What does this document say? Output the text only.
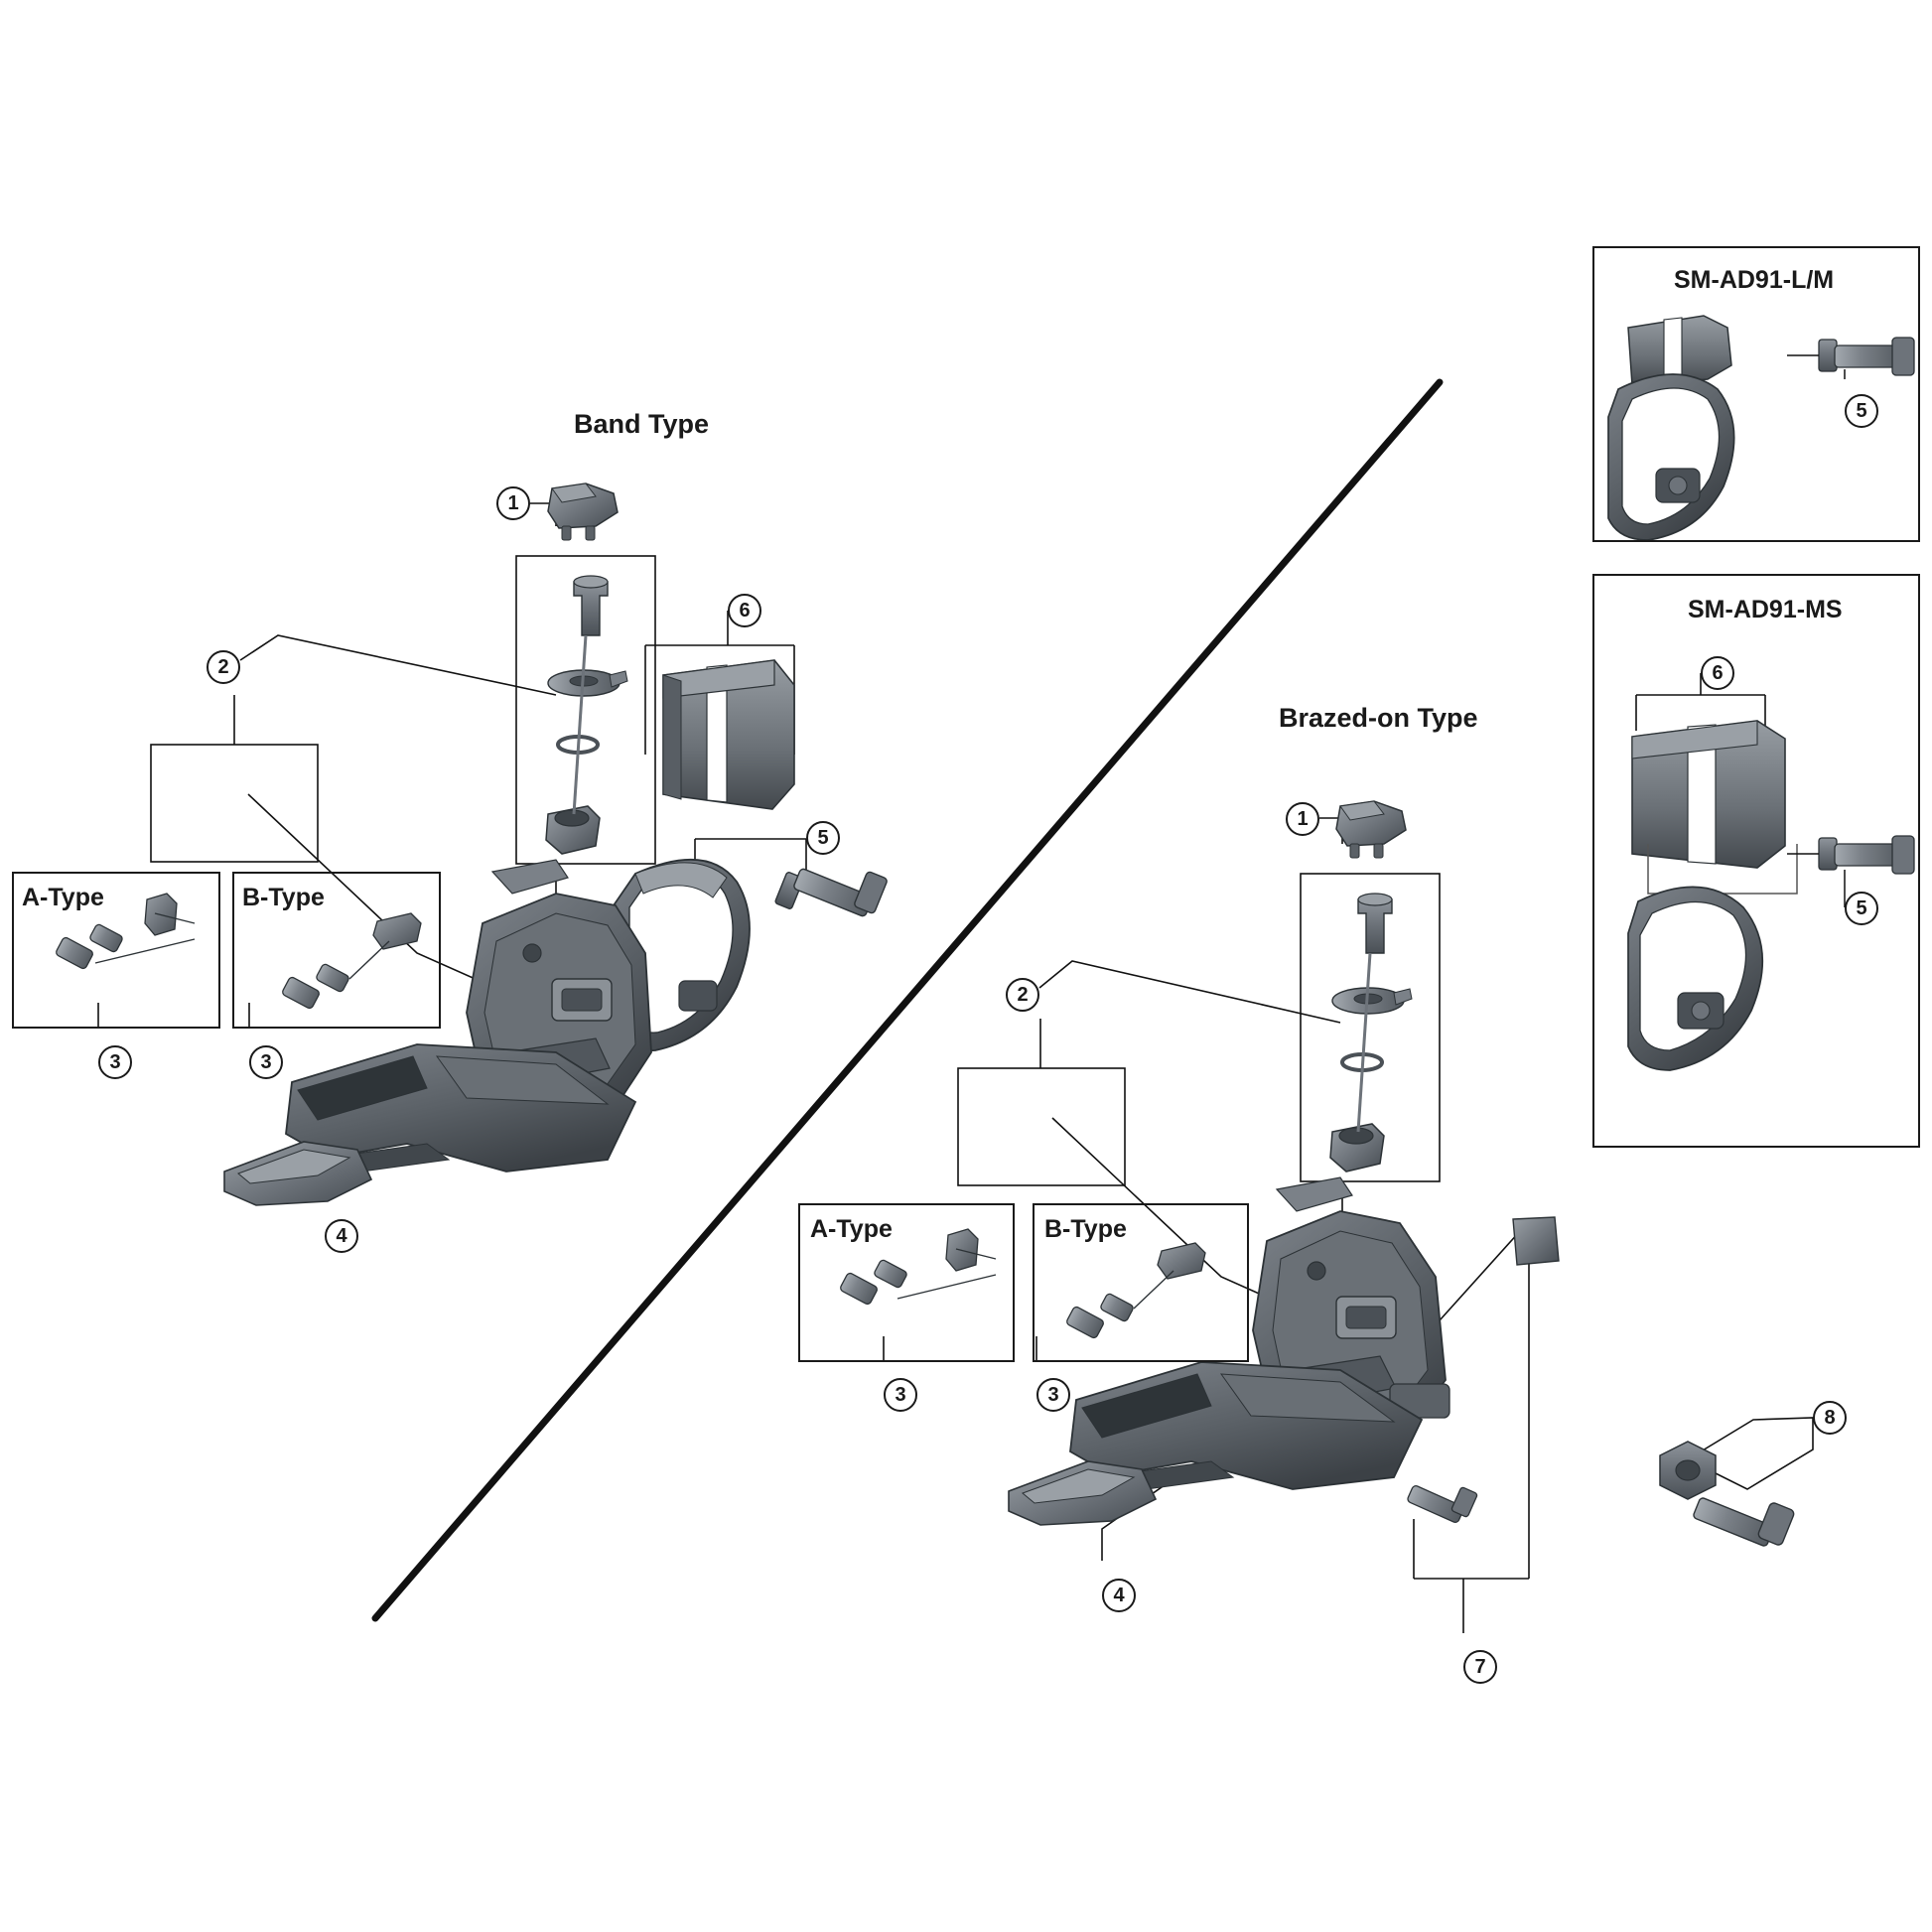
Band Type
Brazed-on Type
A-Type	B-Type
A-Type	B-Type
SM-AD91-L/M
SM-AD91-MS
1
2
6
5
3	3
4
1
2
3	3
4
7
8
5
6
5
